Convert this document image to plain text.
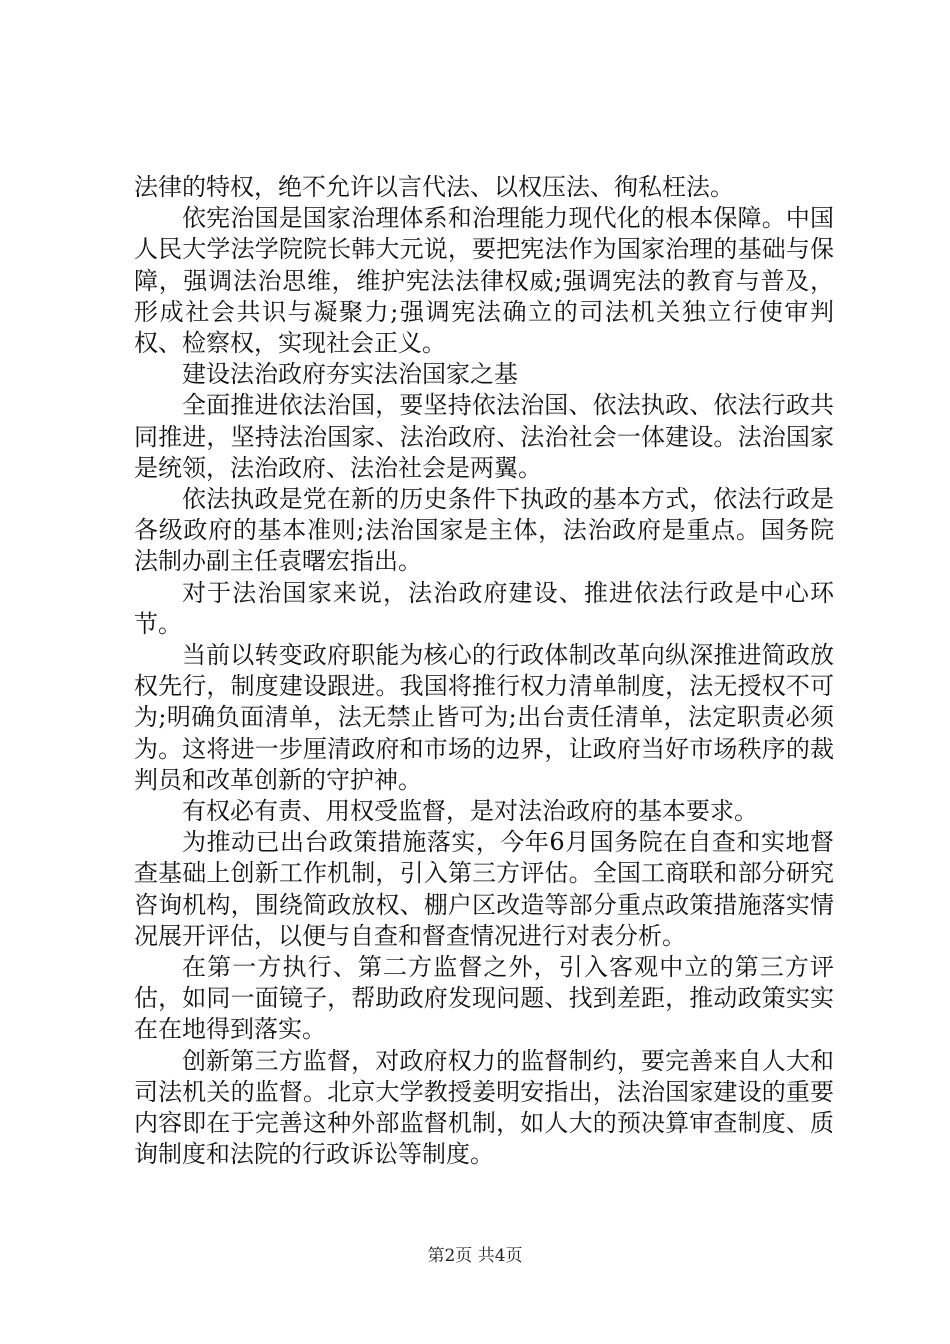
法律的特权，绝不允许以言代法、以权压法、徇私枉法。

依宪治国是国家治理体系和治理能力现代化的根本保障。中国人民大学法学院院长韩大元说，要把宪法作为国家治理的基础与保障，强调法治思维，维护宪法法律权威;强调宪法的教育与普及，形成社会共识与凝聚力;强调宪法确立的司法机关独立行使审判权、检察权，实现社会正义。

建设法治政府夯实法治国家之基

全面推进依法治国，要坚持依法治国、依法执政、依法行政共同推进，坚持法治国家、法治政府、法治社会一体建设。法治国家是统领，法治政府、法治社会是两翼。

依法执政是党在新的历史条件下执政的基本方式，依法行政是各级政府的基本准则;法治国家是主体，法治政府是重点。国务院法制办副主任袁曙宏指出。

对于法治国家来说，法治政府建设、推进依法行政是中心环节。

当前以转变政府职能为核心的行政体制改革向纵深推进简政放权先行，制度建设跟进。我国将推行权力清单制度，法无授权不可为;明确负面清单，法无禁止皆可为;出台责任清单，法定职责必须为。这将进一步厘清政府和市场的边界，让政府当好市场秩序的裁判员和改革创新的守护神。

有权必有责、用权受监督，是对法治政府的基本要求。

为推动已出台政策措施落实，今年6月国务院在自查和实地督查基础上创新工作机制，引入第三方评估。全国工商联和部分研究咨询机构，围绕简政放权、棚户区改造等部分重点政策措施落实情况展开评估，以便与自查和督查情况进行对表分析。

在第一方执行、第二方监督之外，引入客观中立的第三方评估，如同一面镜子，帮助政府发现问题、找到差距，推动政策实实在在地得到落实。

创新第三方监督，对政府权力的监督制约，要完善来自人大和司法机关的监督。北京大学教授姜明安指出，法治国家建设的重要内容即在于完善这种外部监督机制，如人大的预决算审查制度、质询制度和法院的行政诉讼等制度。

第2页 共4页
